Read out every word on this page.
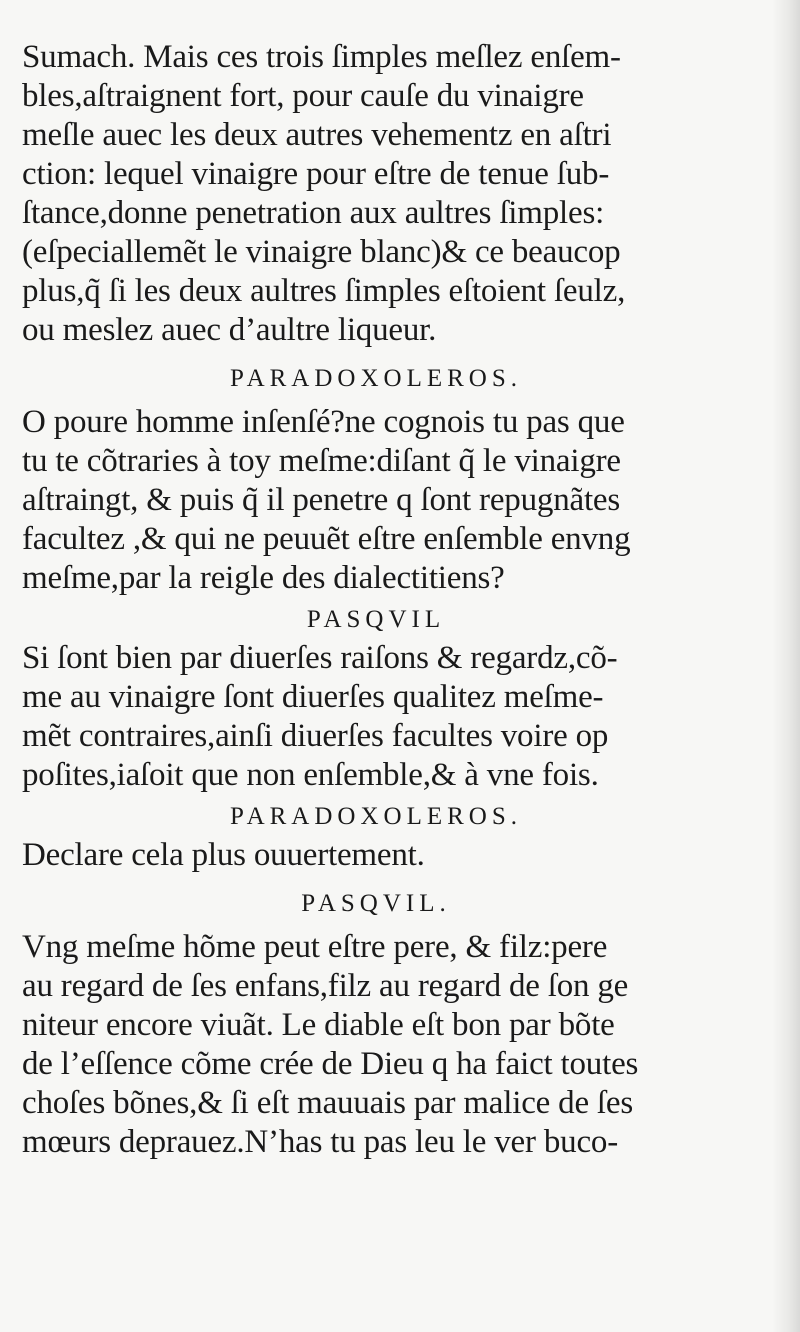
Sumach. Mais ces trois ſimples meſlez enſem-
bles,aſtraignent fort, pour cauſe du vinaigre
meſle auec les deux autres vehementz en aſtri
ction: lequel vinaigre pour eſtre de tenue ſub-
ſtance,donne penetration aux aultres ſimples:
(eſpeciallemẽt le vinaigre blanc)& ce beaucop
plus,q̃ ſi les deux aultres ſimples eſtoient ſeulz,
ou meslez auec d’aultre liqueur.
PARADOXOLEROS.
O poure homme inſenſé?ne cognois tu pas que
tu te cõtraries à toy meſme:diſant q̃ le vinaigre
aſtraingt, & puis q̃ il penetre q ſont repugnãtes
facultez ,& qui ne peuuẽt eſtre enſemble envng
meſme,par la reigle des dialectitiens?
PASQVIL
Si ſont bien par diuerſes raiſons & regardz,cõ-
me au vinaigre ſont diuerſes qualitez meſme-
mẽt contraires,ainſi diuerſes facultes voire op
poſites,iaſoit que non enſemble,& à vne fois.
PARADOXOLEROS.
Declare cela plus ouuertement.
PASQVIL.
Vng meſme hõme peut eſtre pere, & filz:pere
au regard de ſes enfans,filz au regard de ſon ge
niteur encore viuãt. Le diable eſt bon par bõte
de l’eſſence cõme crée de Dieu q ha faict toutes
choſes bõnes,& ſi eſt mauuais par malice de ſes
mœurs deprauez.N’has tu pas leu le ver buco-
